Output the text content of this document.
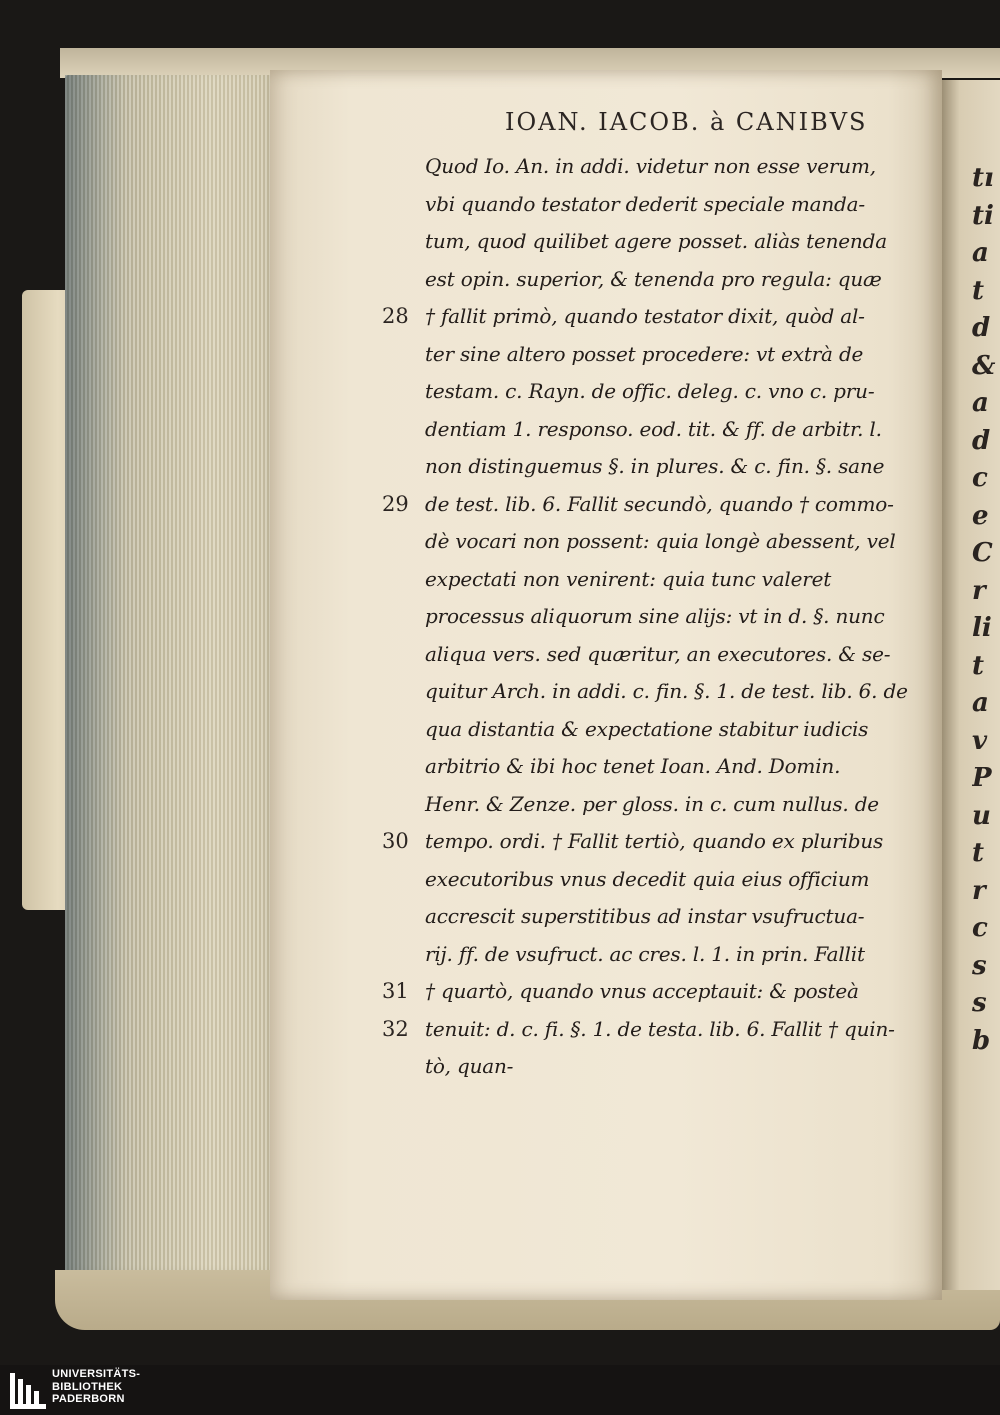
tı
ti
a
t
d
&
a
d
c
e
C
r
li
t
a
v
P
u
t
r
c
s
s
b
IOAN. IACOB. à CANIBVS
28
29
30
31
32
Quod Io. An. in addi. videtur non esse verum,
vbi quando testator dederit speciale manda-
tum, quod quilibet agere posset. aliàs tenenda
est opin. superior, & tenenda pro regula: quæ
† fallit primò, quando testator dixit, quòd al-
ter sine altero posset procedere: vt extrà de
testam. c. Rayn. de offic. deleg. c. vno c. pru-
dentiam 1. responso. eod. tit. & ff. de arbitr. l.
non distinguemus §. in plures. & c. fin. §. sane
de test. lib. 6. Fallit secundò, quando † commo-
dè vocari non possent: quia longè abessent, vel
expectati non venirent: quia tunc valeret
processus aliquorum sine alijs: vt in d. §. nunc
aliqua vers. sed quæritur, an executores. & se-
quitur Arch. in addi. c. fin. §. 1. de test. lib. 6. de
qua distantia & expectatione stabitur iudicis
arbitrio & ibi hoc tenet Ioan. And. Domin.
Henr. & Zenze. per gloss. in c. cum nullus. de
tempo. ordi. † Fallit tertiò, quando ex pluribus
executoribus vnus decedit quia eius officium
accrescit superstitibus ad instar vsufructua-
rij. ff. de vsufruct. ac cres. l. 1. in prin. Fallit
† quartò, quando vnus acceptauit: & posteà
tenuit: d. c. fi. §. 1. de testa. lib. 6. Fallit † quin-
tò, quan-
UNIVERSITÄTS-
BIBLIOTHEK
PADERBORN
